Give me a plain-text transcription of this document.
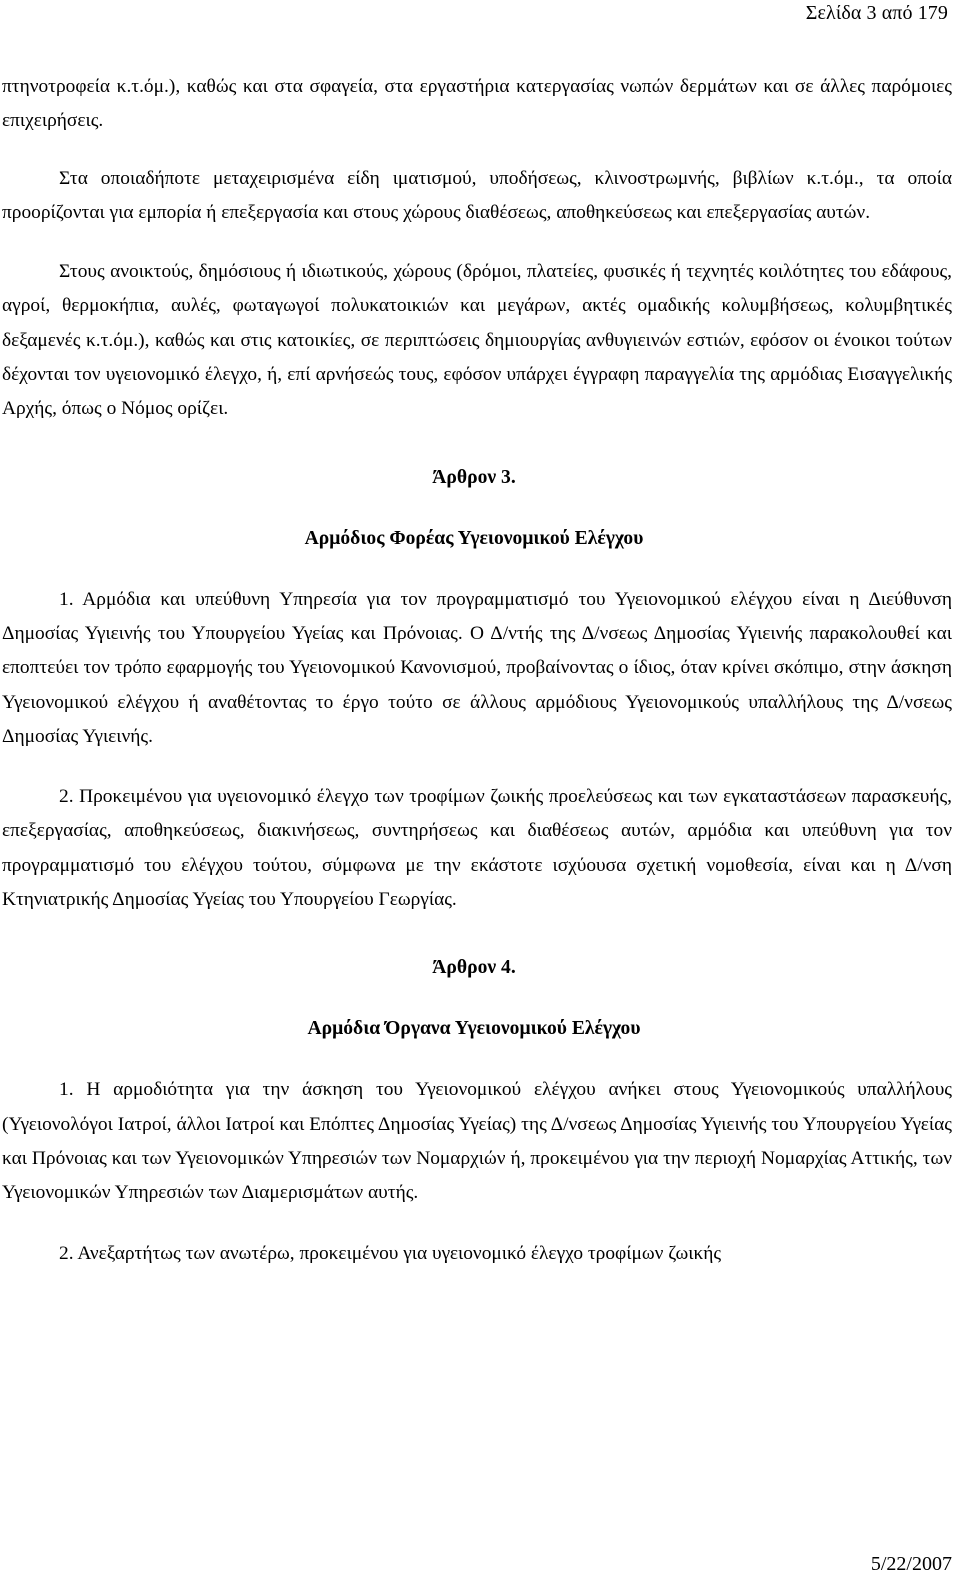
Σελίδα 3 από 179

πτηνοτροφεία κ.τ.όμ.), καθώς και στα σφαγεία, στα εργαστήρια κατεργασίας νωπών δερμάτων και σε άλλες παρόμοιες επιχειρήσεις.

Στα οποιαδήποτε μεταχειρισμένα είδη ιματισμού, υποδήσεως, κλινοστρωμνής, βιβλίων κ.τ.όμ., τα οποία προορίζονται για εμπορία ή επεξεργασία και στους χώρους διαθέσεως, αποθηκεύσεως και επεξεργασίας αυτών.

Στους ανοικτούς, δημόσιους ή ιδιωτικούς, χώρους (δρόμοι, πλατείες, φυσικές ή τεχνητές κοιλότητες του εδάφους, αγροί, θερμοκήπια, αυλές, φωταγωγοί πολυκατοικιών και μεγάρων, ακτές ομαδικής κολυμβήσεως, κολυμβητικές δεξαμενές κ.τ.όμ.), καθώς και στις κατοικίες, σε περιπτώσεις δημιουργίας ανθυγιεινών εστιών, εφόσον οι ένοικοι τούτων δέχονται τον υγειονομικό έλεγχο, ή, επί αρνήσεώς τους, εφόσον υπάρχει έγγραφη παραγγελία της αρμόδιας Εισαγγελικής Αρχής, όπως ο Νόμος ορίζει.

Άρθρον 3.
Αρμόδιος Φορέας Υγειονομικού Ελέγχου

1. Αρμόδια και υπεύθυνη Υπηρεσία για τον προγραμματισμό του Υγειονομικού ελέγχου είναι η Διεύθυνση Δημοσίας Υγιεινής του Υπουργείου Υγείας και Πρόνοιας. Ο Δ/ντής της Δ/νσεως Δημοσίας Υγιεινής παρακολουθεί και εποπτεύει τον τρόπο εφαρμογής του Υγειονομικού Κανονισμού, προβαίνοντας ο ίδιος, όταν κρίνει σκόπιμο, στην άσκηση Υγειονομικού ελέγχου ή αναθέτοντας το έργο τούτο σε άλλους αρμόδιους Υγειονομικούς υπαλλήλους της Δ/νσεως Δημοσίας Υγιεινής.

2. Προκειμένου για υγειονομικό έλεγχο των τροφίμων ζωικής προελεύσεως και των εγκαταστάσεων παρασκευής, επεξεργασίας, αποθηκεύσεως, διακινήσεως, συντηρήσεως και διαθέσεως αυτών, αρμόδια και υπεύθυνη για τον προγραμματισμό του ελέγχου τούτου, σύμφωνα με την εκάστοτε ισχύουσα σχετική νομοθεσία, είναι και η Δ/νση Κτηνιατρικής Δημοσίας Υγείας του Υπουργείου Γεωργίας.

Άρθρον 4.
Αρμόδια Όργανα Υγειονομικού Ελέγχου

1. Η αρμοδιότητα για την άσκηση του Υγειονομικού ελέγχου ανήκει στους Υγειονομικούς υπαλλήλους (Υγειονολόγοι Ιατροί, άλλοι Ιατροί και Επόπτες Δημοσίας Υγείας) της Δ/νσεως Δημοσίας Υγιεινής του Υπουργείου Υγείας και Πρόνοιας και των Υγειονομικών Υπηρεσιών των Νομαρχιών ή, προκειμένου για την περιοχή Νομαρχίας Αττικής, των Υγειονομικών Υπηρεσιών των Διαμερισμάτων αυτής.

2. Ανεξαρτήτως των ανωτέρω, προκειμένου για υγειονομικό έλεγχο τροφίμων ζωικής

5/22/2007
